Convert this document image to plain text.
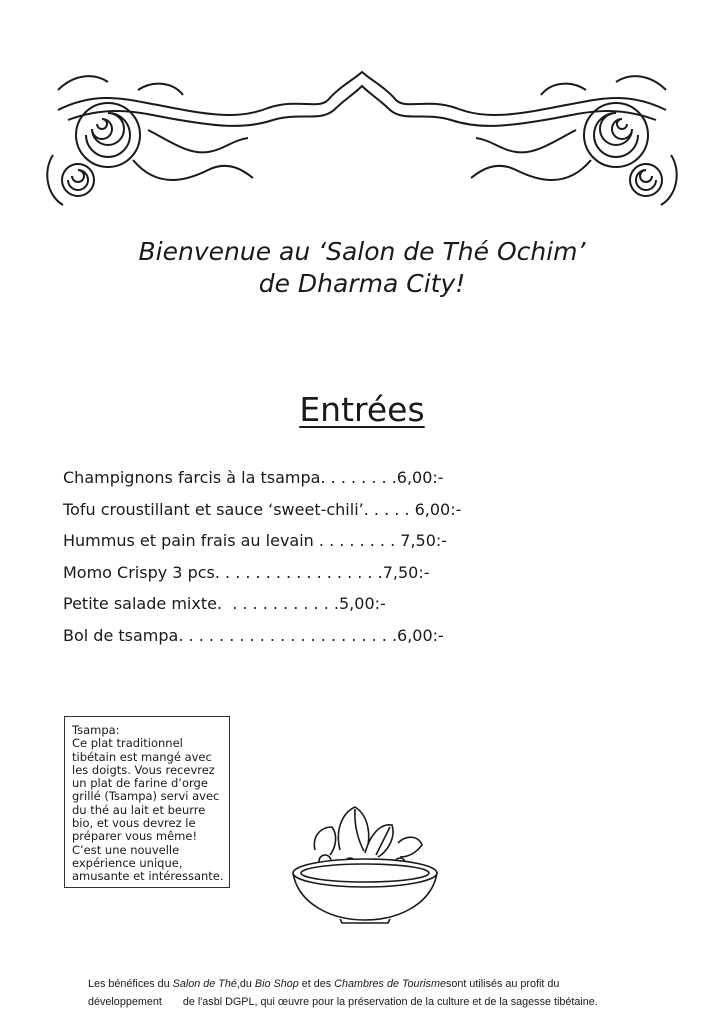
Bienvenue au ‘Salon de Thé Ochim’
de Dharma City!
Entrées
Champignons farcis à la tsampa. . . . . . . .6,00:-
Tofu croustillant et sauce ‘sweet-chili’. . . . . 6,00:-
Hummus et pain frais au levain . . . . . . . . 7,50:-
Momo Crispy 3 pcs. . . . . . . . . . . . . . . . .7,50:-
Petite salade mixte.  . . . . . . . . . . .5,00:-
Bol de tsampa. . . . . . . . . . . . . . . . . . . . . .6,00:-
Tsampa:
Ce plat traditionnel
tibétain est mangé avec
les doigts. Vous recevrez
un plat de farine d’orge
grillé (Tsampa) servi avec
du thé au lait et beurre
bio, et vous devrez le
préparer vous même!
C’est une nouvelle
expérience unique,
amusante et intéressante.
Les bénéfices du Salon de Thé,du Bio Shop et des Chambres de Tourismesont utilisés au profit du
développement       de l'asbl DGPL, qui œuvre pour la préservation de la culture et de la sagesse tibétaine.
